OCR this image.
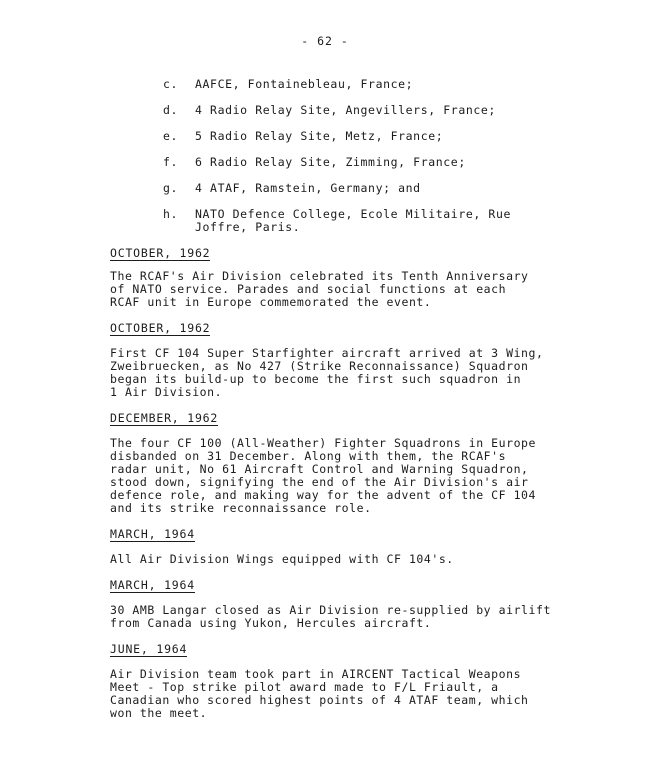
- 62 -
c. AAFCE, Fontainebleau, France;
d. 4 Radio Relay Site, Angevillers, France;
e. 5 Radio Relay Site, Metz, France;
f. 6 Radio Relay Site, Zimming, France;
g. 4 ATAF, Ramstein, Germany; and
h. NATO Defence College, Ecole Militaire, Rue Joffre, Paris.
OCTOBER, 1962
The RCAF's Air Division celebrated its Tenth Anniversary
of NATO service. Parades and social functions at each
RCAF unit in Europe commemorated the event.
OCTOBER, 1962
First CF 104 Super Starfighter aircraft arrived at 3 Wing,
Zweibruecken, as No 427 (Strike Reconnaissance) Squadron
began its build-up to become the first such squadron in
1 Air Division.
DECEMBER, 1962
The four CF 100 (All-Weather) Fighter Squadrons in Europe
disbanded on 31 December. Along with them, the RCAF's
radar unit, No 61 Aircraft Control and Warning Squadron,
stood down, signifying the end of the Air Division's air
defence role, and making way for the advent of the CF 104
and its strike reconnaissance role.
MARCH, 1964
All Air Division Wings equipped with CF 104's.
MARCH, 1964
30 AMB Langar closed as Air Division re-supplied by airlift
from Canada using Yukon, Hercules aircraft.
JUNE, 1964
Air Division team took part in AIRCENT Tactical Weapons
Meet - Top strike pilot award made to F/L Friault, a
Canadian who scored highest points of 4 ATAF team, which
won the meet.
